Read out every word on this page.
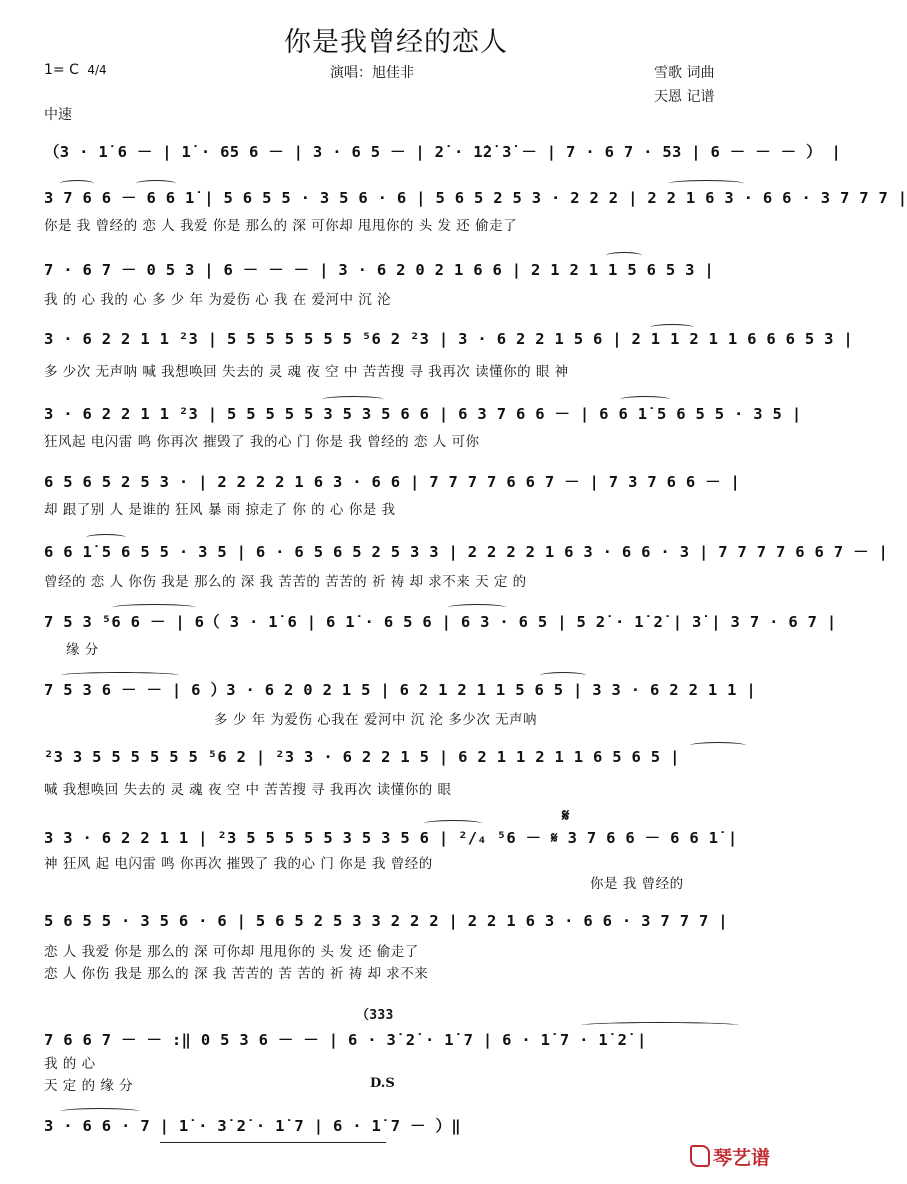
你是我曾经的恋人
1= C 4/4
中速
演唱：旭佳非	雪歌 词曲
天恩 记谱
（3 · 1̇ 6 － | 1̇ · 65 6 － | 3 · 6 5 － | 2̇ · 1̇2̇ 3̇ － | 7 · 6 7 · 53 | 6 － － － ） |
3 7 6 6 － 6 6 1̇ | 5 6 5 5 · 3 5 6 · 6 | 5 6 5 2 5 3 · 2 2 2 | 2 2 1 6 3 · 6 6 · 3 7 7 7 |
你是 我 曾经的 恋 人 我爱 你是 那么的 深 可你却 甩甩你的 头 发 还 偷走了
7 · 6 7 － 0 5 3 | 6 － － － | 3 · 6 2 0 2 1 6 6 | 2 1 2 1 1 5 6 5 3 |
我 的 心 我的 心 多 少 年 为爱伤 心 我 在 爱河中 沉 沦
3 · 6 2 2 1 1 ²3 | 5 5 5 5 5 5 5 ⁵6 2 ²3 | 3 · 6 2 2 1 5 6 | 2 1 1 2 1 1 6 6 6 5 3 |
多 少次 无声呐 喊 我想唤回 失去的 灵 魂 夜 空 中 苦苦搜 寻 我再次 读懂你的 眼 神
3 · 6 2 2 1 1 ²3 | 5 5 5 5 5 3 5 3 5 6 6 | 6 3 7 6 6 － | 6 6 1̇ 5 6 5 5 · 3 5 |
狂风起 电闪雷 鸣 你再次 摧毁了 我的心 门 你是 我 曾经的 恋 人 可你
6 5 6 5 2 5 3 · | 2 2 2 2 1 6 3 · 6 6 | 7 7 7 7 6 6 7 － | 7 3 7 6 6 － |
却 跟了别 人 是谁的 狂风 暴 雨 掠走了 你 的 心 你是 我
6 6 1̇ 5 6 5 5 · 3 5 | 6 · 6 5 6 5 2 5 3 3 | 2 2 2 2 1 6 3 · 6 6 · 3 | 7 7 7 7 6 6 7 － |
曾经的 恋 人 你伤 我是 那么的 深 我 苦苦的 苦苦的 祈 祷 却 求不来 天 定 的
7 5 3 ⁵6 6 － | 6（ 3 · 1̇ 6 | 6 1̇ · 6 5 6 | 6 3 · 6 5 | 5 2̇ · 1̇ 2̇ | 3̇ | 3 7 · 6 7 |
缘 分
7 5 3 6 － － | 6 ）3 · 6 2 0 2 1 5 | 6 2 1 2 1 1 5 6 5 | 3 3 · 6 2 2 1 1 |
多 少 年 为爱伤 心我在 爱河中 沉 沦 多少次 无声呐
²3 3 5 5 5 5 5 5 ⁵6 2 | ²3 3 · 6 2 2 1 5 | 6 2 1 1 2 1 1 6 5 6 5 |
喊 我想唤回 失去的 灵 魂 夜 空 中 苦苦搜 寻 我再次 读懂你的 眼
𝄋
3 3 · 6 2 2 1 1 | ²3 5 5 5 5 5 3 5 3 5 6 | ²/₄ ⁵6 － 𝄋 3 7 6 6 － 6 6 1̇ |
神 狂风 起 电闪雷 鸣 你再次 摧毁了 我的心 门 你是 我 曾经的
你是 我 曾经的
5 6 5 5 · 3 5 6 · 6 | 5 6 5 2 5 3 3 2 2 2 | 2 2 1 6 3 · 6 6 · 3 7 7 7 |
恋 人 我爱 你是 那么的 深 可你却 甩甩你的 头 发 还 偷走了
恋 人 你伤 我是 那么的 深 我 苦苦的 苦 苦的 祈 祷 却 求不来
（333
7 6 6 7 － － :‖ 0 5 3 6 － － | 6 · 3̇ 2̇ · 1̇ 7 | 6 · 1̇ 7 · 1̇ 2̇ |
我 的 心
天 定 的 缘 分	D.S
3 · 6 6 · 7 | 1̇ · 3̇ 2̇ · 1̇ 7 | 6 · 1̇ 7 － ）‖
琴艺谱
